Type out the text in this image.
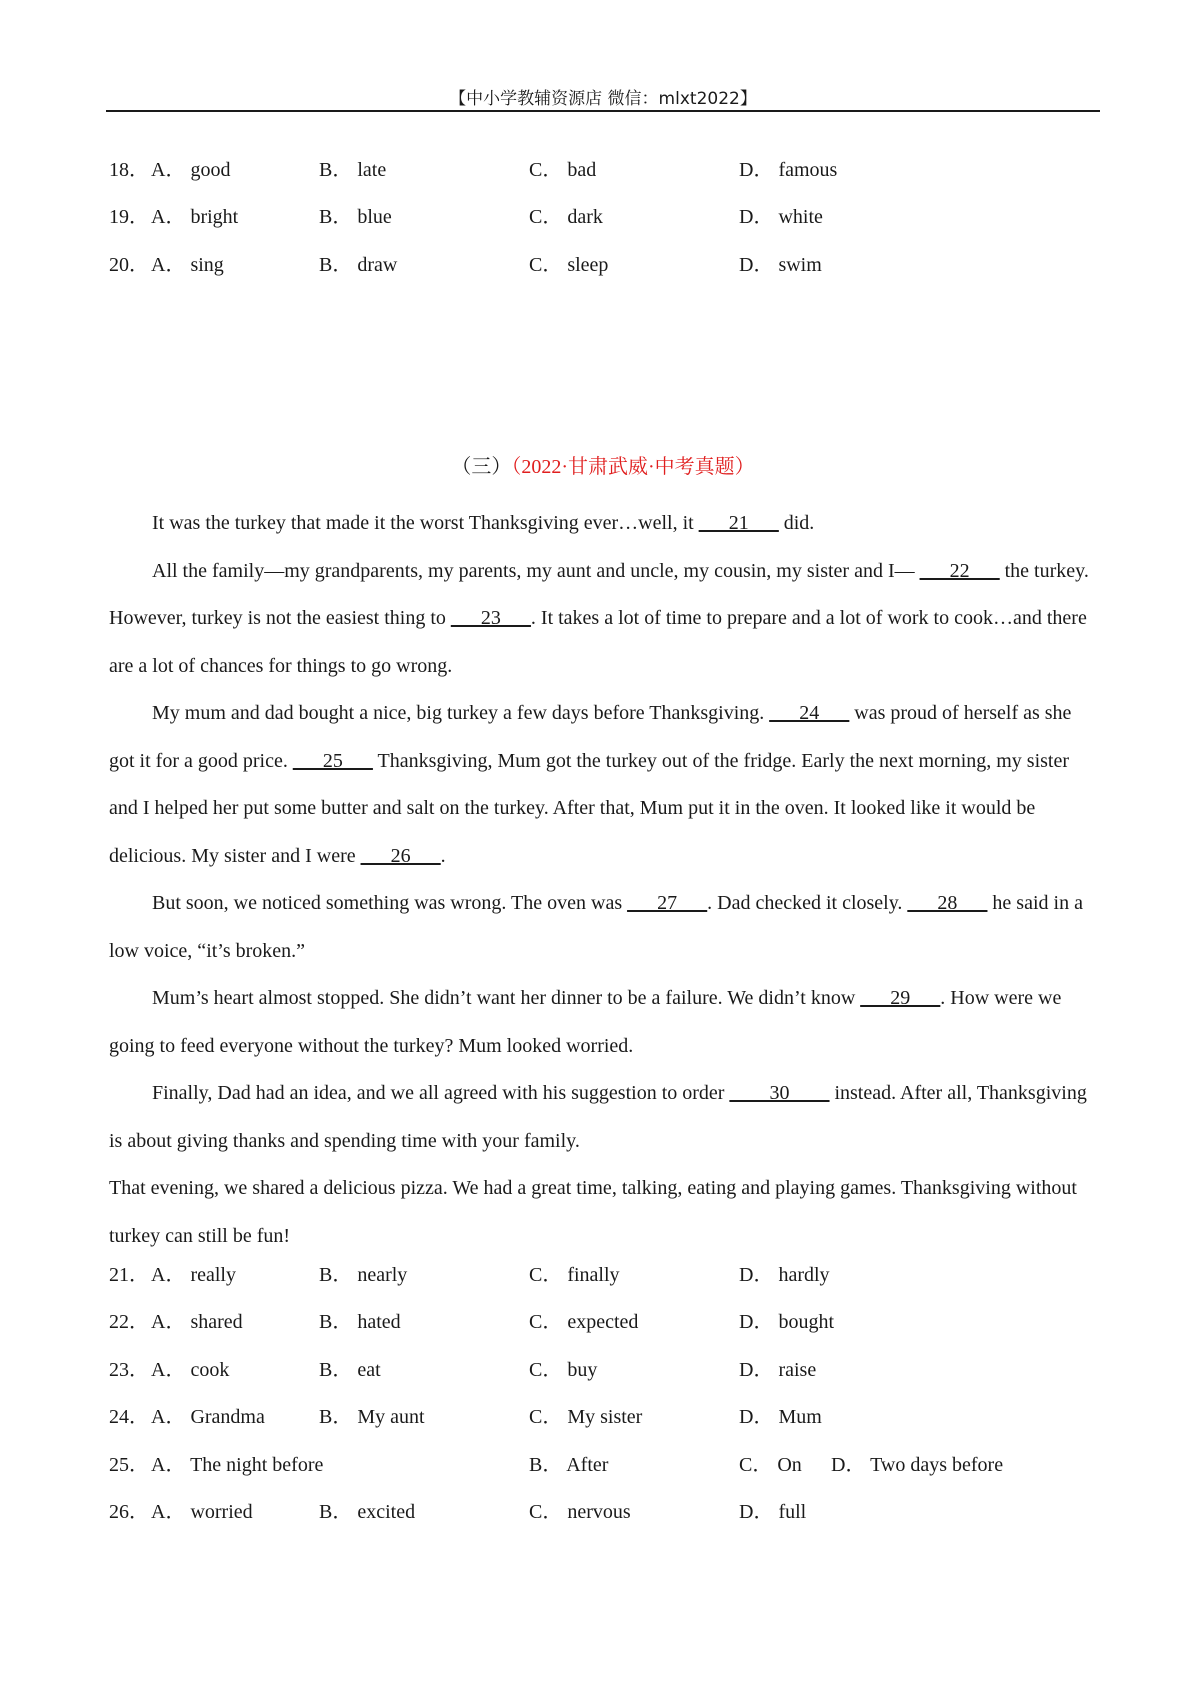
【中小学教辅资源店 微信：mlxt2022】
18． A． good	B． late	C． bad	D． famous
19． A． bright	B． blue	C． dark	D． white
20． A． sing	B． draw	C． sleep	D． swim
（三）（2022·甘肃武威·中考真题）

It was the turkey that made it the worst Thanksgiving ever…well, it ___21___ did.

All the family—my grandparents, my parents, my aunt and uncle, my cousin, my sister and I— ___22___ the turkey. However, turkey is not the easiest thing to ___23___. It takes a lot of time to prepare and a lot of work to cook…and there are a lot of chances for things to go wrong.

My mum and dad bought a nice, big turkey a few days before Thanksgiving. ___24___ was proud of herself as she got it for a good price. ___25___ Thanksgiving, Mum got the turkey out of the fridge. Early the next morning, my sister and I helped her put some butter and salt on the turkey. After that, Mum put it in the oven. It looked like it would be delicious. My sister and I were ___26___.

But soon, we noticed something was wrong. The oven was ___27___. Dad checked it closely. ___28___ he said in a low voice, “it’s broken.”

Mum’s heart almost stopped. She didn’t want her dinner to be a failure. We didn’t know ___29___. How were we going to feed everyone without the turkey? Mum looked worried.

Finally, Dad had an idea, and we all agreed with his suggestion to order ____30____ instead. After all, Thanksgiving is about giving thanks and spending time with your family.

That evening, we shared a delicious pizza. We had a great time, talking, eating and playing games. Thanksgiving without turkey can still be fun!

21． A． really	B． nearly	C． finally	D． hardly
22． A． shared	B． hated	C． expected	D． bought
23． A． cook	B． eat	C． buy	D． raise
24． A． Grandma	B． My aunt	C． My sister	D． Mum
25． A． The night before	B． After	C． On D． Two days before
26． A． worried	B． excited	C． nervous	D． full
